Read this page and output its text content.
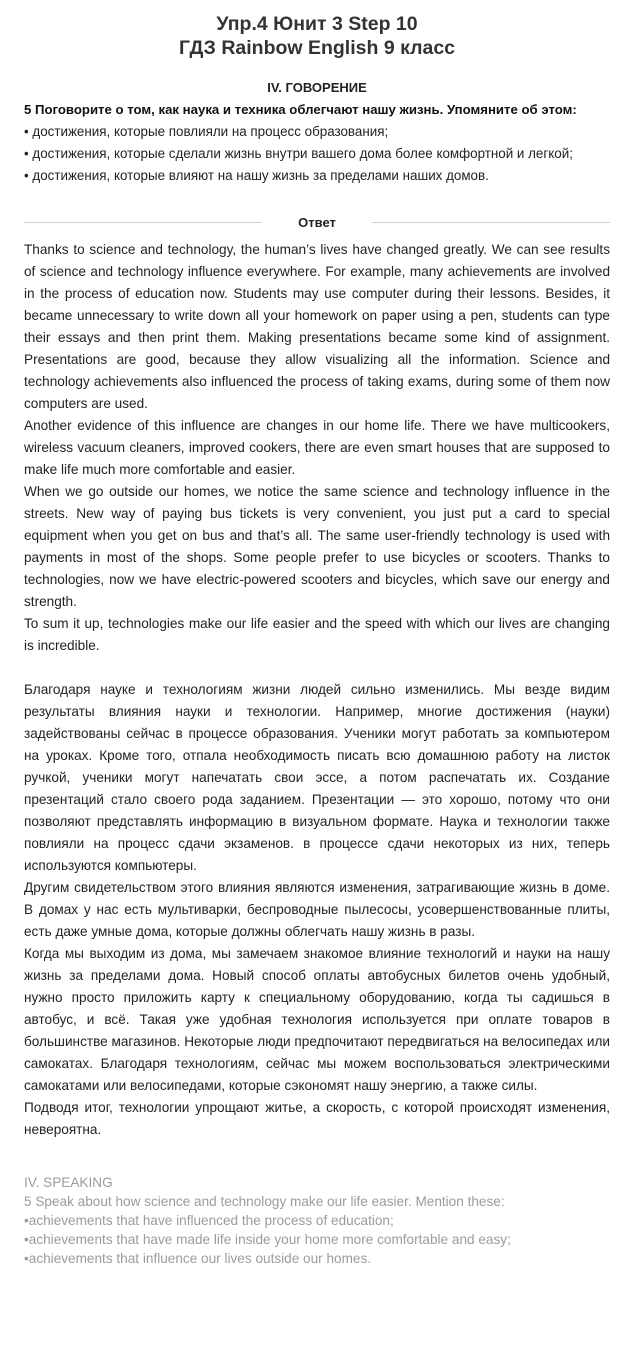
Упр.4 Юнит 3 Step 10
ГДЗ Rainbow English 9 класс
IV. ГОВОРЕНИЕ
5 Поговорите о том, как наука и техника облегчают нашу жизнь. Упомяните об этом:
• достижения, которые повлияли на процесс образования;
• достижения, которые сделали жизнь внутри вашего дома более комфортной и легкой;
• достижения, которые влияют на нашу жизнь за пределами наших домов.
Ответ

Thanks to science and technology, the human’s lives have changed greatly. We can see results of science and technology influence everywhere. For example, many achievements are involved in the process of education now. Students may use computer during their lessons. Besides, it became unnecessary to write down all your homework on paper using a pen, students can type their essays and then print them. Making presentations became some kind of assignment. Presentations are good, because they allow visualizing all the information. Science and technology achievements also influenced the process of taking exams, during some of them now computers are used.

Another evidence of this influence are changes in our home life. There we have multicookers, wireless vacuum cleaners, improved cookers, there are even smart houses that are supposed to make life much more comfortable and easier.

When we go outside our homes, we notice the same science and technology influence in the streets. New way of paying bus tickets is very convenient, you just put a card to special equipment when you get on bus and that’s all. The same user-friendly technology is used with payments in most of the shops. Some people prefer to use bicycles or scooters. Thanks to technologies, now we have electric-powered scooters and bicycles, which save our energy and strength.

To sum it up, technologies make our life easier and the speed with which our lives are changing is incredible.

Благодаря науке и технологиям жизни людей сильно изменились. Мы везде видим результаты влияния науки и технологии. Например, многие достижения (науки) задействованы сейчас в процессе образования. Ученики могут работать за компьютером на уроках. Кроме того, отпала необходимость писать всю домашнюю работу на листок ручкой, ученики могут напечатать свои эссе, а потом распечатать их. Создание презентаций стало своего рода заданием. Презентации — это хорошо, потому что они позволяют представлять информацию в визуальном формате. Наука и технологии также повлияли на процесс сдачи экзаменов. в процессе сдачи некоторых из них, теперь используются компьютеры.

Другим свидетельством этого влияния являются изменения, затрагивающие жизнь в доме. В домах у нас есть мультиварки, беспроводные пылесосы, усовершенствованные плиты, есть даже умные дома, которые должны облегчать нашу жизнь в разы.

Когда мы выходим из дома, мы замечаем знакомое влияние технологий и науки на нашу жизнь за пределами дома. Новый способ оплаты автобусных билетов очень удобный, нужно просто приложить карту к специальному оборудованию, когда ты садишься в автобус, и всё. Такая уже удобная технология используется при оплате товаров в большинстве магазинов. Некоторые люди предпочитают передвигаться на велосипедах или самокатах. Благодаря технологиям, сейчас мы можем воспользоваться электрическими самокатами или велосипедами, которые сэкономят нашу энергию, а также силы.

Подводя итог, технологии упрощают житье, а скорость, с которой происходят изменения, невероятна.

IV. SPEAKING

5 Speak about how science and technology make our life easier. Mention these:

•achievements that have influenced the process of education;

•achievements that have made life inside your home more comfortable and easy;

•achievements that influence our lives outside our homes.
